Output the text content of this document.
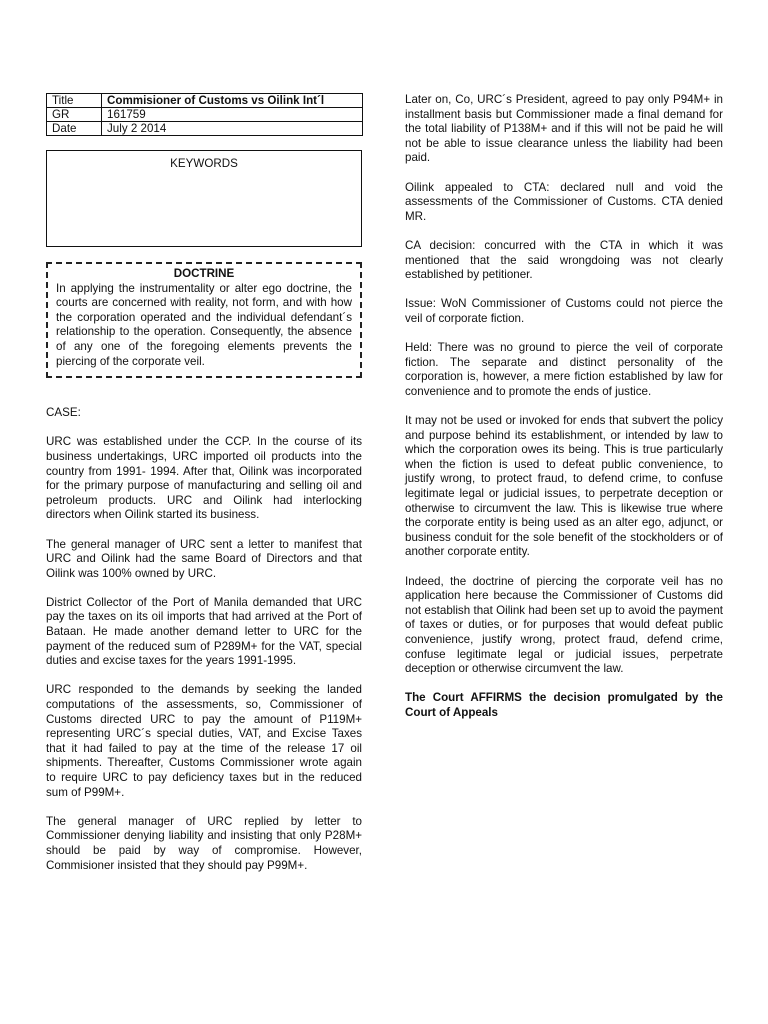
Title	Commisioner of Customs vs Oilink Int´l
GR	161759
Date	July 2 2014
KEYWORDS
DOCTRINE
In applying the instrumentality or alter ego doctrine, the courts are concerned with reality, not form, and with how the corporation operated and the individual defendant´s relationship to the operation. Consequently, the absence of any one of the foregoing elements prevents the piercing of the corporate veil.

CASE:

URC was established under the CCP. In the course of its business undertakings, URC imported oil products into the country from 1991- 1994. After that, Oilink was incorporated for the primary purpose of manufacturing and selling oil and petroleum products. URC and Oilink had interlocking directors when Oilink started its business.

The general manager of URC sent a letter to manifest that URC and Oilink had the same Board of Directors and that Oilink was 100% owned by URC.

District Collector of the Port of Manila demanded that URC pay the taxes on its oil imports that had arrived at the Port of Bataan. He made another demand letter to URC for the payment of the reduced sum of P289M+ for the VAT, special duties and excise taxes for the years 1991-1995.

URC responded to the demands by seeking the landed computations of the assessments, so, Commissioner of Customs directed URC to pay the amount of P119M+ representing URC´s special duties, VAT, and Excise Taxes that it had failed to pay at the time of the release 17 oil shipments. Thereafter, Customs Commissioner wrote again to require URC to pay deficiency taxes but in the reduced sum of P99M+.

The general manager of URC replied by letter to Commissioner denying liability and insisting that only P28M+ should be paid by way of compromise. However, Commisioner insisted that they should pay P99M+.

Later on, Co, URC´s President, agreed to pay only P94M+ in installment basis but Commissioner made a final demand for the total liability of P138M+ and if this will not be paid he will not be able to issue clearance unless the liability had been paid.

Oilink appealed to CTA: declared null and void the assessments of the Commissioner of Customs. CTA denied MR.

CA decision: concurred with the CTA in which it was mentioned that the said wrongdoing was not clearly established by petitioner.

Issue: WoN Commissioner of Customs could not pierce the veil of corporate fiction.

Held: There was no ground to pierce the veil of corporate fiction. The separate and distinct personality of the corporation is, however, a mere fiction established by law for convenience and to promote the ends of justice.

It may not be used or invoked for ends that subvert the policy and purpose behind its establishment, or intended by law to which the corporation owes its being. This is true particularly when the fiction is used to defeat public convenience, to justify wrong, to protect fraud, to defend crime, to confuse legitimate legal or judicial issues, to perpetrate deception or otherwise to circumvent the law. This is likewise true where the corporate entity is being used as an alter ego, adjunct, or business conduit for the sole benefit of the stockholders or of another corporate entity.

Indeed, the doctrine of piercing the corporate veil has no application here because the Commissioner of Customs did not establish that Oilink had been set up to avoid the payment of taxes or duties, or for purposes that would defeat public convenience, justify wrong, protect fraud, defend crime, confuse legitimate legal or judicial issues, perpetrate deception or otherwise circumvent the law.

The Court AFFIRMS the decision promulgated by the Court of Appeals
